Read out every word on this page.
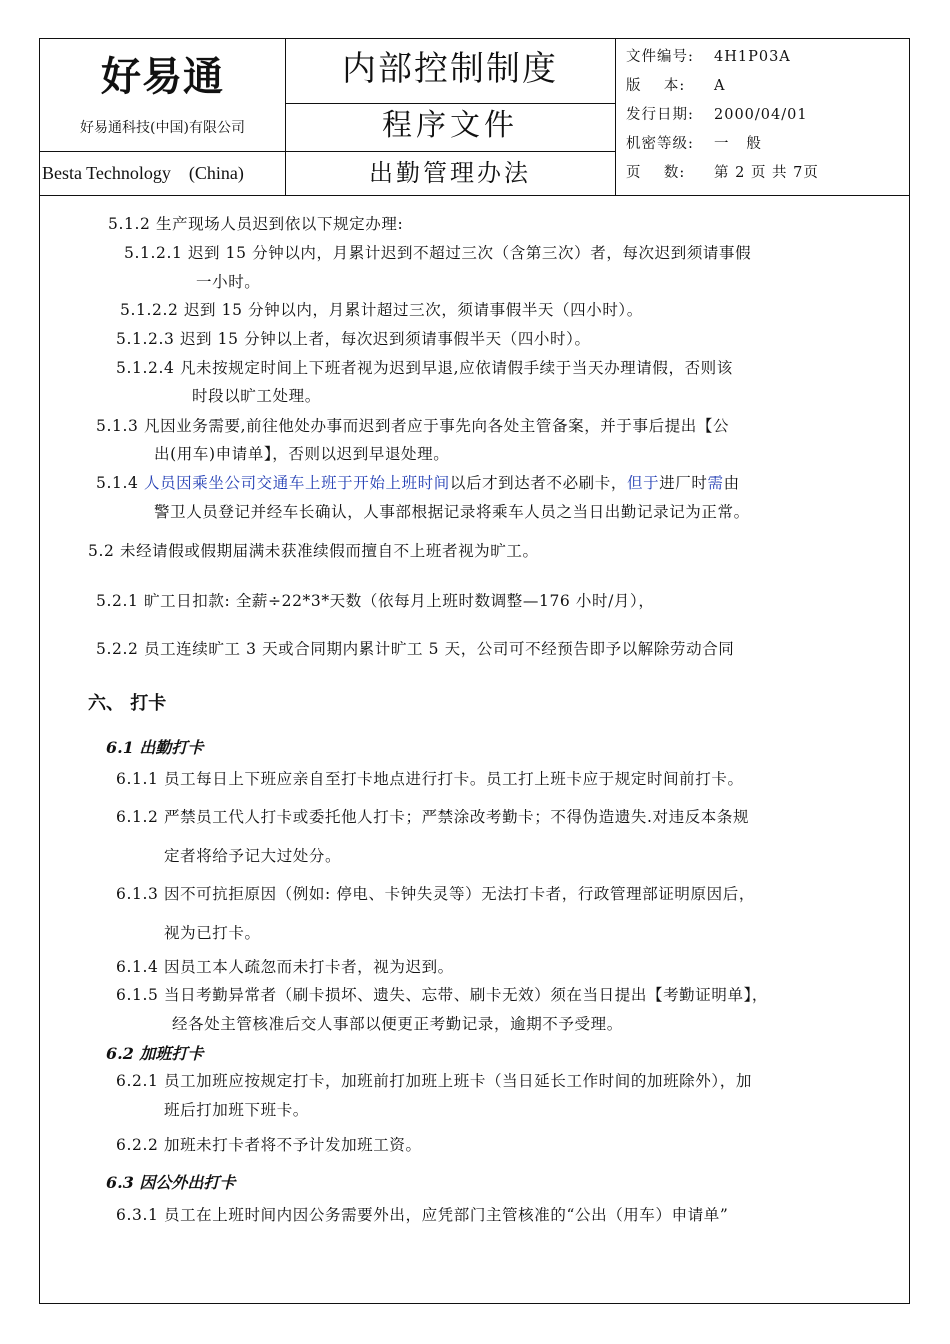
好易通
好易通科技(中国)有限公司
Besta Technology    (China)
内部控制制度
程序文件
出勤管理办法
文件编号: 4H1P03A
版    本: A
发行日期: 2000/04/01
机密等级: 一   般
页    数: 第 2 页 共 7页
5.1.2 生产现场人员迟到依以下规定办理:
5.1.2.1 迟到 15 分钟以内，月累计迟到不超过三次（含第三次）者，每次迟到须请事假
一小时。
5.1.2.2 迟到 15 分钟以内，月累计超过三次，须请事假半天（四小时）。
5.1.2.3 迟到 15 分钟以上者，每次迟到须请事假半天（四小时）。
5.1.2.4 凡未按规定时间上下班者视为迟到早退,应依请假手续于当天办理请假，否则该
时段以旷工处理。
5.1.3 凡因业务需要,前往他处办事而迟到者应于事先向各处主管备案，并于事后提出【公
出(用车)申请单】，否则以迟到早退处理。
5.1.4 人员因乘坐公司交通车上班于开始上班时间以后才到达者不必刷卡，但于进厂时需由
警卫人员登记并经车长确认，人事部根据记录将乘车人员之当日出勤记录记为正常。
5.2 未经请假或假期届满未获准续假而擅自不上班者视为旷工。
5.2.1 旷工日扣款: 全薪÷22*3*天数（依每月上班时数调整—176 小时/月），
5.2.2 员工连续旷工 3 天或合同期内累计旷工 5 天，公司可不经预告即予以解除劳动合同
六、 打卡
6.1 出勤打卡
6.1.1 员工每日上下班应亲自至打卡地点进行打卡。员工打上班卡应于规定时间前打卡。
6.1.2 严禁员工代人打卡或委托他人打卡；严禁涂改考勤卡；不得伪造遗失.对违反本条规
定者将给予记大过处分。
6.1.3 因不可抗拒原因（例如: 停电、卡钟失灵等）无法打卡者，行政管理部证明原因后，
视为已打卡。
6.1.4 因员工本人疏忽而未打卡者，视为迟到。
6.1.5 当日考勤异常者（刷卡损坏、遗失、忘带、刷卡无效）须在当日提出【考勤证明单】，
经各处主管核准后交人事部以便更正考勤记录，逾期不予受理。
6.2 加班打卡
6.2.1 员工加班应按规定打卡，加班前打加班上班卡（当日延长工作时间的加班除外），加
班后打加班下班卡。
6.2.2 加班未打卡者将不予计发加班工资。
6.3 因公外出打卡
6.3.1 员工在上班时间内因公务需要外出，应凭部门主管核准的“公出（用车）申请单”
